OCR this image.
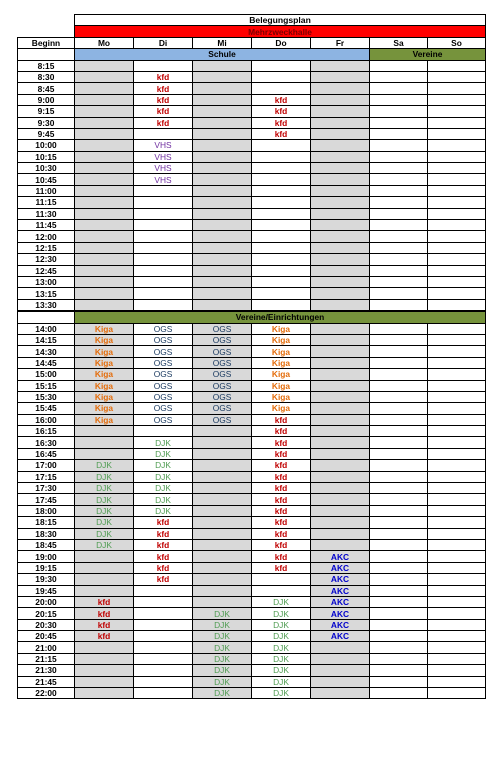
	Belegungsplan						
	Mehrzweckhalle						
Beginn	Mo	Di	Mi	Do	Fr	Sa	So
	Schule					Vereine	
8:15							
8:30		kfd					
8:45		kfd					
9:00		kfd		kfd			
9:15		kfd		kfd			
9:30		kfd		kfd			
9:45				kfd			
10:00		VHS					
10:15		VHS					
10:30		VHS					
10:45		VHS					
11:00							
11:15							
11:30							
11:45							
12:00							
12:15							
12:30							
12:45							
13:00							
13:15							
13:30							
	Vereine/Einrichtungen						
14:00	Kiga	OGS	OGS	Kiga			
14:15	Kiga	OGS	OGS	Kiga			
14:30	Kiga	OGS	OGS	Kiga			
14:45	Kiga	OGS	OGS	Kiga			
15:00	Kiga	OGS	OGS	Kiga			
15:15	Kiga	OGS	OGS	Kiga			
15:30	Kiga	OGS	OGS	Kiga			
15:45	Kiga	OGS	OGS	Kiga			
16:00	Kiga	OGS	OGS	kfd			
16:15				kfd			
16:30		DJK		kfd			
16:45		DJK		kfd			
17:00	DJK	DJK		kfd			
17:15	DJK	DJK		kfd			
17:30	DJK	DJK		kfd			
17:45	DJK	DJK		kfd			
18:00	DJK	DJK		kfd			
18:15	DJK	kfd		kfd			
18:30	DJK	kfd		kfd			
18:45	DJK	kfd		kfd			
19:00		kfd		kfd	AKC		
19:15		kfd		kfd	AKC		
19:30		kfd			AKC		
19:45					AKC		
20:00	kfd			DJK	AKC		
20:15	kfd		DJK	DJK	AKC		
20:30	kfd		DJK	DJK	AKC		
20:45	kfd		DJK	DJK	AKC		
21:00			DJK	DJK			
21:15			DJK	DJK			
21:30			DJK	DJK			
21:45			DJK	DJK			
22:00			DJK	DJK			
